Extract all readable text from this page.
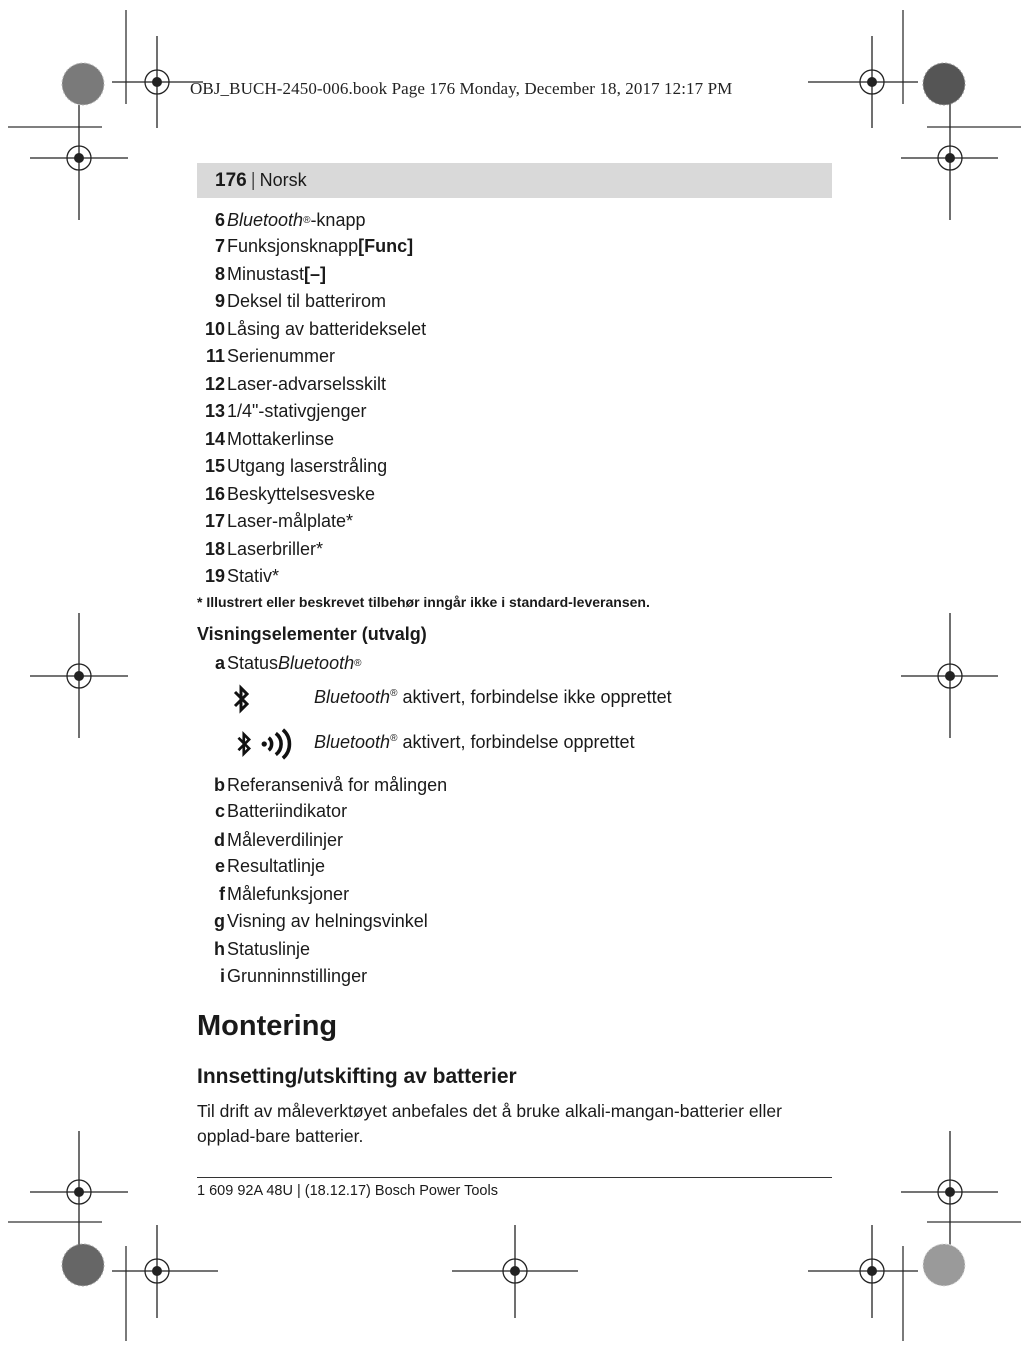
OBJ_BUCH-2450-006.book Page 176 Monday, December 18, 2017 12:17 PM
176 | Norsk
6 Bluetooth ® -knapp
7 Funksjonsknapp [Func]
8 Minustast [–]
9 Deksel til batterirom
10 Låsing av batteridekselet
11 Serienummer
12 Laser-advarselsskilt
13 1/4"-stativgjenger
14 Mottakerlinse
15 Utgang laserstråling
16 Beskyttelsesveske
17 Laser-målplate*
18 Laserbriller*
19 Stativ*
* Illustrert eller beskrevet tilbehør inngår ikke i standard-leveransen.
Visningselementer (utvalg)
a Status Bluetooth ®
Bluetooth® aktivert, forbindelse ikke opprettet
Bluetooth® aktivert, forbindelse opprettet
b Referansenivå for målingen
c Batteriindikator
d Måleverdilinjer
e Resultatlinje
f Målefunksjoner
g Visning av helningsvinkel
h Statuslinje
i Grunninnstillinger
Montering
Innsetting/utskifting av batterier
Til drift av måleverktøyet anbefales det å bruke alkali-mangan-batterier eller opplad-bare batterier.
1 609 92A 48U | (18.12.17) Bosch Power Tools
